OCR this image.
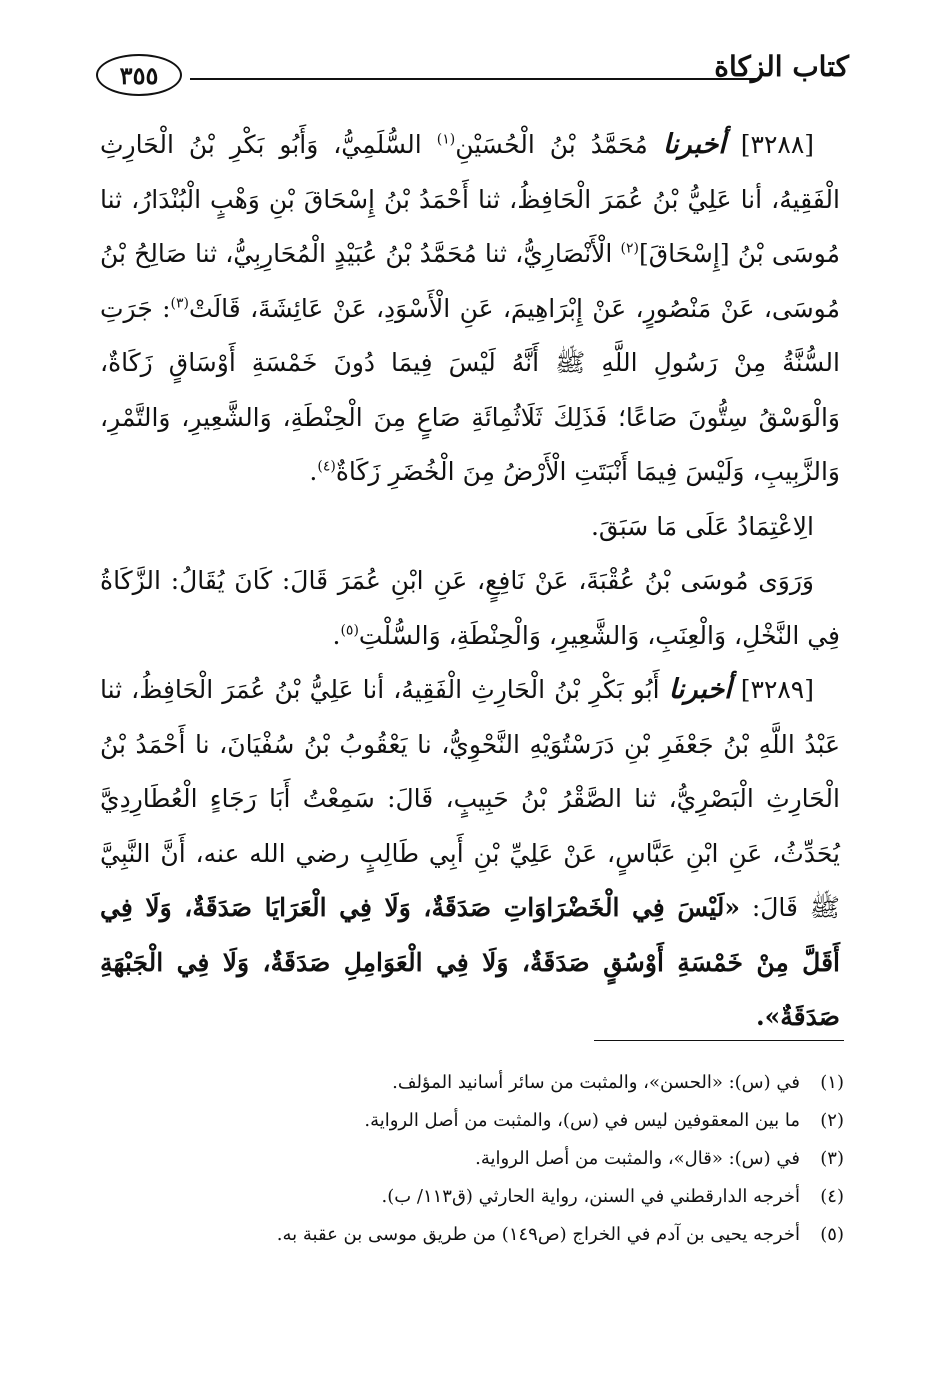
٣٥٥	كتاب الزكاة

[٣٢٨٨] أخبرنا مُحَمَّدُ بْنُ الْحُسَيْنِ$^{(١)}$ السُّلَمِيُّ، وَأَبُو بَكْرِ بْنُ الْحَارِثِ الْفَقِيهُ، أنا عَلِيُّ بْنُ عُمَرَ الْحَافِظُ، ثنا أَحْمَدُ بْنُ إِسْحَاقَ بْنِ وَهْبٍ الْبُنْدَارُ، ثنا مُوسَى بْنُ [إِسْحَاقَ]$^{(٢)}$ الْأَنْصَارِيُّ، ثنا مُحَمَّدُ بْنُ عُبَيْدٍ الْمُحَارِبِيُّ، ثنا صَالِحُ بْنُ مُوسَى، عَنْ مَنْصُورٍ، عَنْ إِبْرَاهِيمَ، عَنِ الْأَسْوَدِ، عَنْ عَائِشَةَ، قَالَتْ$^{(٣)}$: جَرَتِ السُّنَّةُ مِنْ رَسُولِ اللَّهِ ﷺ أَنَّهُ لَيْسَ فِيمَا دُونَ خَمْسَةِ أَوْسَاقٍ زَكَاةٌ، وَالْوَسْقُ سِتُّونَ صَاعًا؛ فَذَلِكَ ثَلَاثُمِائَةِ صَاعٍ مِنَ الْحِنْطَةِ، وَالشَّعِيرِ، وَالتَّمْرِ، وَالزَّبِيبِ، وَلَيْسَ فِيمَا أَنْبَتَتِ الْأَرْضُ مِنَ الْخُضَرِ زَكَاةٌ$^{(٤)}$.

الِاعْتِمَادُ عَلَى مَا سَبَقَ.

وَرَوَى مُوسَى بْنُ عُقْبَةَ، عَنْ نَافِعٍ، عَنِ ابْنِ عُمَرَ قَالَ: كَانَ يُقَالُ: الزَّكَاةُ فِي النَّخْلِ، وَالْعِنَبِ، وَالشَّعِيرِ، وَالْحِنْطَةِ، وَالسُّلْتِ$^{(٥)}$.

[٣٢٨٩] أخبرنا أَبُو بَكْرِ بْنُ الْحَارِثِ الْفَقِيهُ، أنا عَلِيُّ بْنُ عُمَرَ الْحَافِظُ، ثنا عَبْدُ اللَّهِ بْنُ جَعْفَرِ بْنِ دَرَسْتُوَيْهِ النَّحْوِيُّ، نا يَعْقُوبُ بْنُ سُفْيَانَ، نا أَحْمَدُ بْنُ الْحَارِثِ الْبَصْرِيُّ، ثنا الصَّقْرُ بْنُ حَبِيبٍ، قَالَ: سَمِعْتُ أَبَا رَجَاءٍ الْعُطَارِدِيَّ يُحَدِّثُ، عَنِ ابْنِ عَبَّاسٍ، عَنْ عَلِيِّ بْنِ أَبِي طَالِبٍ رضي الله عنه، أَنَّ النَّبِيَّ ﷺ قَالَ: «لَيْسَ فِي الْخَضْرَاوَاتِ صَدَقَةٌ، وَلَا فِي الْعَرَايَا صَدَقَةٌ، وَلَا فِي أَقَلَّ مِنْ خَمْسَةِ أَوْسُقٍ صَدَقَةٌ، وَلَا فِي الْعَوَامِلِ صَدَقَةٌ، وَلَا فِي الْجَبْهَةِ صَدَقَةٌ».

(١)
في (س): «الحسن»، والمثبت من سائر أسانيد المؤلف.
(٢)
ما بين المعقوفين ليس في (س)، والمثبت من أصل الرواية.
(٣)
في (س): «قال»، والمثبت من أصل الرواية.
(٤)
أخرجه الدارقطني في السنن، رواية الحارثي (ق١١٣/ ب).
(٥)
أخرجه يحيى بن آدم في الخراج (ص١٤٩) من طريق موسى بن عقبة به.
